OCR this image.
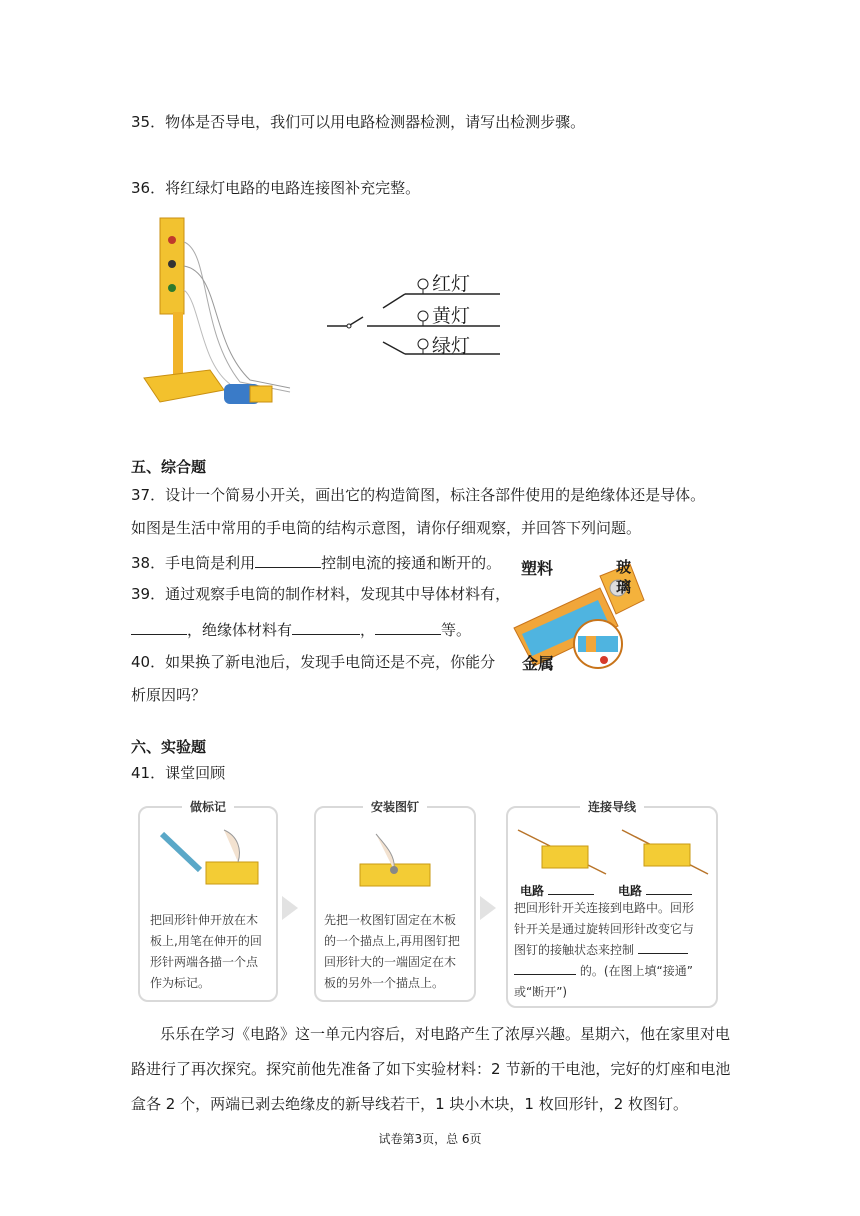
35．物体是否导电，我们可以用电路检测器检测，请写出检测步骤。
36．将红绿灯电路的电路连接图补充完整。
红灯
黄灯
绿灯
五、综合题
37．设计一个简易小开关，画出它的构造简图，标注各部件使用的是绝缘体还是导体。
如图是生活中常用的手电筒的结构示意图，请你仔细观察，并回答下列问题。
38．手电筒是利用	控制电流的接通和断开的。
39．通过观察手电筒的制作材料，发现其中导体材料有，
，绝缘体材料有	，	等。
40．如果换了新电池后，发现手电筒还是不亮，你能分
析原因吗？
塑料	玻
璃
金属
六、实验题
41．课堂回顾
做标记
把回形针伸开放在木
板上,用笔在伸开的回
形针两端各描一个点
作为标记。
安装图钉
先把一枚图钉固定在木板
的一个描点上,再用图钉把
回形针大的一端固定在木
板的另外一个描点上。
连接导线
电路	电路
把回形针开关连接到电路中。回形
针开关是通过旋转回形针改变它与
图钉的接触状态来控制
的。(在图上填“接通”
或“断开”)
乐乐在学习《电路》这一单元内容后，对电路产生了浓厚兴趣。星期六，他在家里对电
路进行了再次探究。探究前他先准备了如下实验材料：2 节新的干电池，完好的灯座和电池
盒各 2 个，两端已剥去绝缘皮的新导线若干，1 块小木块，1 枚回形针，2 枚图钉。
试卷第3页，总 6页
